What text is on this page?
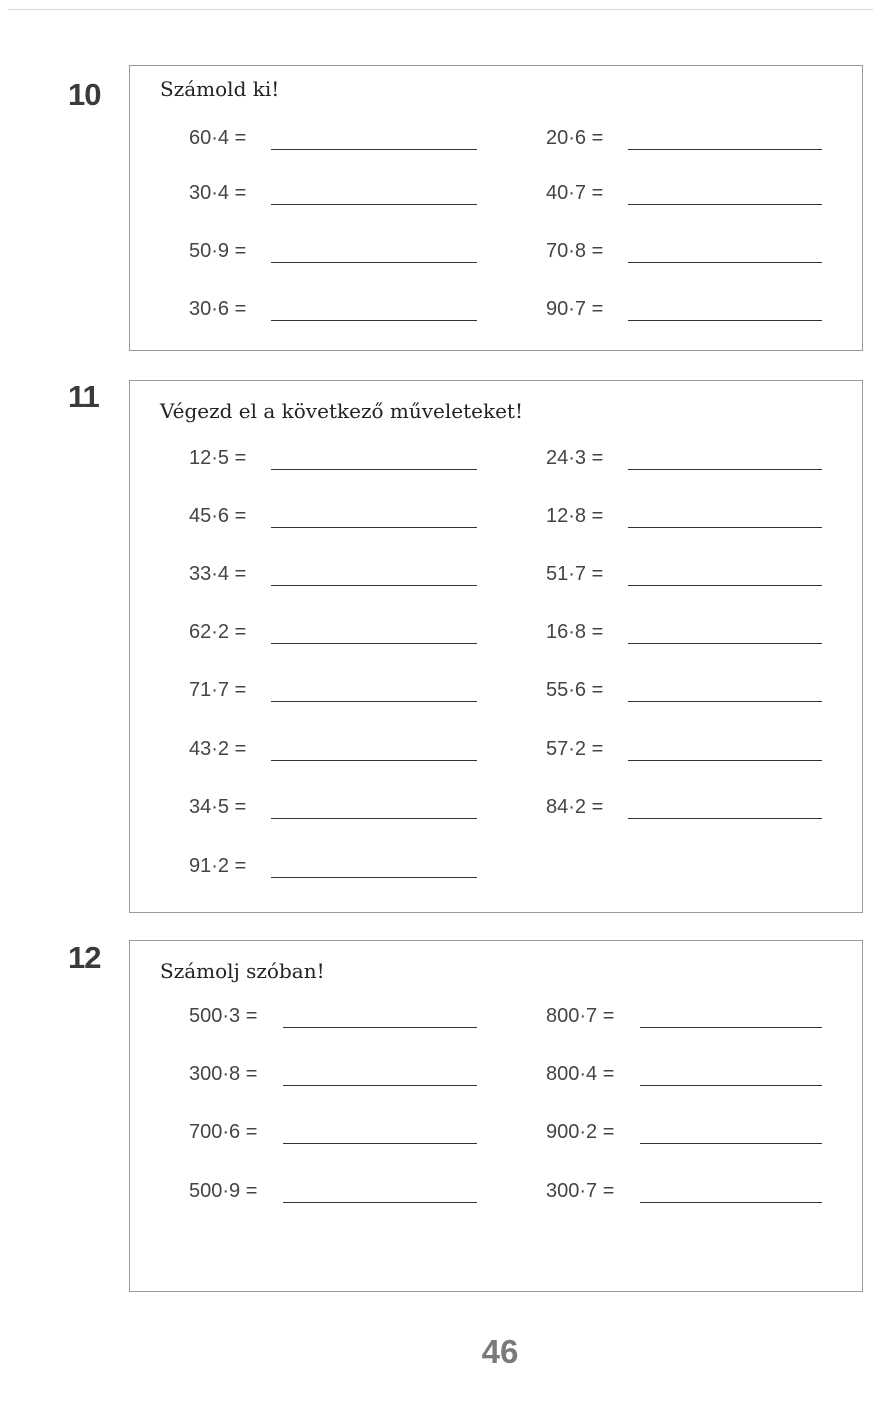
10	Számold ki!
11	Végezd el a következő műveleteket!
12	Számolj szóban!
60·4 =	20·6 =
30·4 =	40·7 =
50·9 =	70·8 =
30·6 =	90·7 =
12·5 =	24·3 =
45·6 =	12·8 =
33·4 =	51·7 =
62·2 =	16·8 =
71·7 =	55·6 =
43·2 =	57·2 =
34·5 =	84·2 =
91·2 =
500·3 =	800·7 =
300·8 =	800·4 =
700·6 =	900·2 =
500·9 =	300·7 =
46
